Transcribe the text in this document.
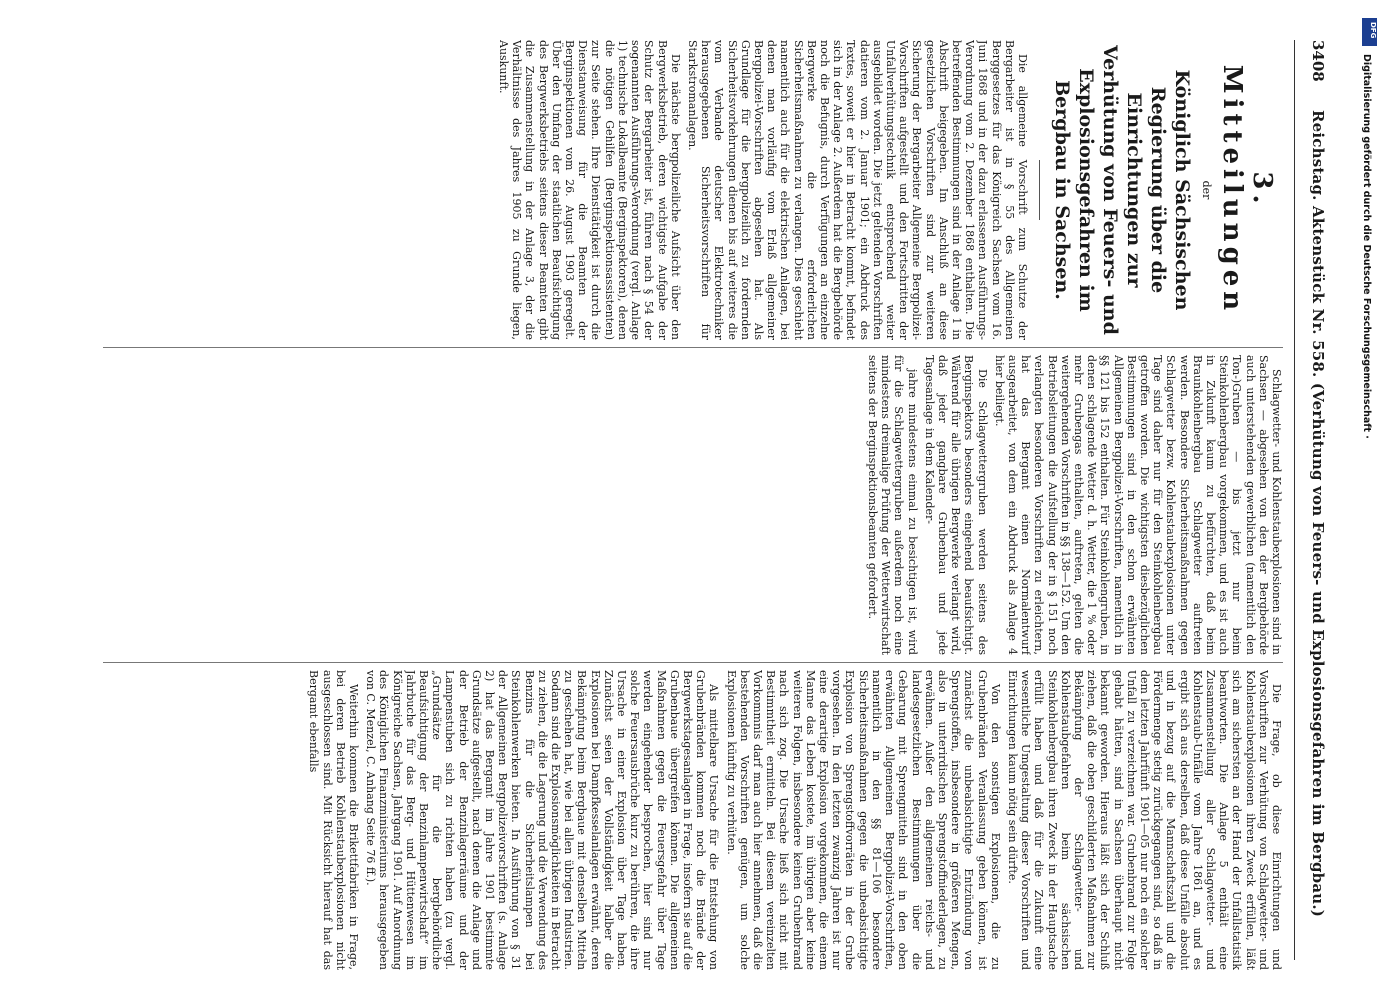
3408
Reichstag. Aktenstück Nr. 558. (Verhütung von Feuers- und Explosionsgefahren im Bergbau.)
3. Mitteilungen
der
Königlich Sächsischen Regierung über die Einrichtungen zur Verhütung von Feuers- und Explosionsgefahren im Bergbau in Sachsen.

Die allgemeine Vorschrift zum Schutze der Bergarbeiter ist in § 55 des Allgemeinen Berggesetzes für das Königreich Sachsen vom 16. Juni 1868 und in der dazu erlassenen Ausführungs-Verordnung vom 2. Dezember 1868 enthalten. Die betreffenden Bestimmungen sind in der Anlage 1 in Abschrift beigegeben. Im Anschluß an diese gesetzlichen Vorschriften sind zur weiteren Sicherung der Bergarbeiter Allgemeine Bergpolizei-Vorschriften aufgestellt und den Fortschritten der Unfallverhütungstechnik entsprechend weiter ausgebildet worden. Die jetzt geltenden Vorschriften datieren vom 2. Januar 1901; ein Abdruck des Textes, soweit er hier in Betracht kommt, befindet sich in der Anlage 2. Außerdem hat die Bergbehörde noch die Befugnis, durch Verfügungen an einzelne Bergwerke die erforderlichen Sicherheitsmaßnahmen zu verlangen. Dies geschieht namentlich auch für die elektrischen Anlagen, bei denen man vorläufig vom Erlaß allgemeiner Bergpolizei-Vorschriften abgesehen hat. Als Grundlage für die bergpolizeilich zu fordernden Sicherheitsvorkehrungen dienen bis auf weiteres die vom Verbande deutscher Elektrotechniker herausgegebenen Sicherheitsvorschriften für Starkstromanlagen.

Die nächste bergpolizeiliche Aufsicht über den Bergwerksbetrieb, deren wichtigste Aufgabe der Schutz der Bergarbeiter ist, führen nach § 54 der sogenannten Ausführungs-Verordnung (vergl. Anlage 1) technische Lokalbeamte (Berginspektoren), denen die nötigen Gehilfen (Berginspektionsassistenten) zur Seite stehen. Ihre Diensttätigkeit ist durch die Dienstanweisung für die Beamten der Berginspektionen vom 26. August 1903 geregelt. Über den Umfang der staatlichen Beaufsichtigung des Bergwerksbetriebs seitens dieser Beamten gibt die Zusammenstellung in der Anlage 3, der die Verhältnisse des Jahres 1905 zu Grunde liegen, Auskunft.

Schlagwetter- und Kohlenstaubexplosionen sind in Sachsen — abgesehen von den der Bergbehörde auch unterstehenden gewerblichen (namentlich den Ton-)Gruben — bis jetzt nur beim Steinkohlenbergbau vorgekommen, und es ist auch in Zukunft kaum zu befürchten, daß beim Braunkohlenbergbau Schlagwetter auftreten werden. Besondere Sicherheitsmaßnahmen gegen Schlagwetter bezw. Kohlenstaubexplosionen unter Tage sind daher nur für den Steinkohlenbergbau getroffen worden. Die wichtigsten diesbezüglichen Bestimmungen sind in den schon erwähnten Allgemeinen Bergpolizei-Vorschriften, namentlich in §§ 121 bis 152 enthalten. Für Steinkohlengruben, in denen schlagende Wetter d. h. Wetter, die 1 % oder mehr Grubengas enthalten, auftreten, gelten die weitergehenden Vorschriften in §§ 138—152. Um den Betriebsleitungen die Aufstellung der in § 151 noch verlangten besonderen Vorschriften zu erleichtern, hat das Bergamt einen Normalentwurf ausgearbeitet, von dem ein Abdruck als Anlage 4 hier beiliegt.

Die Schlagwettergruben werden seitens des Berginspektors besonders eingehend beaufsichtigt. Während für alle übrigen Bergwerke verlangt wird, daß jeder gangbare Grubenbau und jede Tagesanlage in dem Kalender-

jahre mindestens einmal zu besichtigen ist, wird für die Schlagwettergruben außerdem noch eine mindestens dreimalige Prüfung der Wetterwirtschaft seitens der Berginspektionsbeamten gefordert.

Die Frage, ob diese Einrichtungen und Vorschriften zur Verhütung von Schlagwetter- und Kohlenstaubexplosionen ihren Zweck erfüllen, läßt sich am sichersten an der Hand der Unfallstatistik beantworten. Die Anlage 5 enthält eine Zusammenstellung aller Schlagwetter- und Kohlenstaub-Unfälle vom Jahre 1861 an, und es ergibt sich aus derselben, daß diese Unfälle absolut und in bezug auf die Mannschaftszahl und die Fördermenge stetig zurückgegangen sind, so daß in dem letzten Jahrfünft 1901—05 nur noch ein solcher Unfall zu verzeichnen war. Grubenbrand zur Folge gehabt hätten, sind in Sachsen überhaupt nicht bekannt geworden. Hieraus läßt sich der Schluß ziehen, daß die oben geschilderten Maßnahmen zur Bekämpfung der Schlagwetter- und Kohlenstaubgefahren beim sächsischen Steinkohlenbergbau ihren Zweck in der Hauptsache erfüllt haben und daß für die Zukunft eine wesentliche Umgestaltung dieser Vorschriften und Einrichtungen kaum nötig sein dürfte.

Von den sonstigen Explosionen, die zu Grubenbränden Veranlassung geben können, ist zunächst die unbeabsichtigte Entzündung von Sprengstoffen, insbesondere in größeren Mengen, also in unterirdischen Sprengstoffniederlagen, zu erwähnen. Außer den allgemeinen reichs- und landesgesetzlichen Bestimmungen über die Gebarung mit Sprengmitteln sind in den oben erwähnten Allgemeinen Bergpolizei-Vorschriften, namentlich in den §§ 81—106 besondere Sicherheitsmaßnahmen gegen die unbeabsichtigte Explosion von Sprengstoffvorräten in der Grube vorgesehen. In den letzten zwanzig Jahren ist nur eine derartige Explosion vorgekommen, die einem Manne das Leben kostete, im übrigen aber keine weiteren Folgen, insbesondere keinen Grubenbrand nach sich zog. Die Ursache ließ sich nicht mit Bestimmtheit ermitteln. Bei diesem vereinzelten Vorkommnis darf man auch hier annehmen, daß die bestehenden Vorschriften genügen, um solche Explosionen künftig zu verhüten.

Als mittelbare Ursache für die Entstehung von Grubenbränden kommen noch die Brände der Bergwerkstagesanlagen in Frage, insofern sie auf die Grubenbaue übergreifen können. Die allgemeinen Maßnahmen gegen die Feuersgefahr über Tage werden eingehender besprochen, hier sind nur solche Feuersausbrüche kurz zu berühren, die ihre Ursache in einer Explosion über Tage haben. Zunächst seien der Vollständigkeit halber die Explosionen bei Dampfkesselanlagen erwähnt, deren Bekämpfung beim Bergbaue mit denselben Mitteln zu geschehen hat, wie bei allen übrigen Industrien. Sodann sind die Explosionsmöglichkeiten in Betracht zu ziehen, die die Lagerung und die Verwendung des Benzins für die Sicherheitslampen bei Steinkohlenwerken bieten. In Ausführung von § 31 der Allgemeinen Bergpolizeivorschriften (s. Anlage 2) hat das Bergamt im Jahre 1901 bestimmte Grundsätze aufgestellt, nach denen die Anlage und der Betrieb der Benzinlagerräume und der Lampenstuben sich zu richten haben (zu vergl. „Grundsätze für die bergbehördliche Beaufsichtigung der Benzinlampenwirtschaft“ im Jahrbuche für das Berg- und Hüttenwesen im Königreiche Sachsen, Jahrgang 1901. Auf Anordnung des Königlichen Finanzministeriums herausgegeben von C. Menzel, C. Anhang Seite 76 ff.).

Weiterhin kommen die Brikettfabriken in Frage, bei deren Betrieb Kohlenstaubexplosionen nicht ausgeschlossen sind. Mit Rücksicht hierauf hat das Bergamt ebenfalls

DFG
Digitalisierung gefördert durch die Deutsche Forschungsgemeinschaft ·
